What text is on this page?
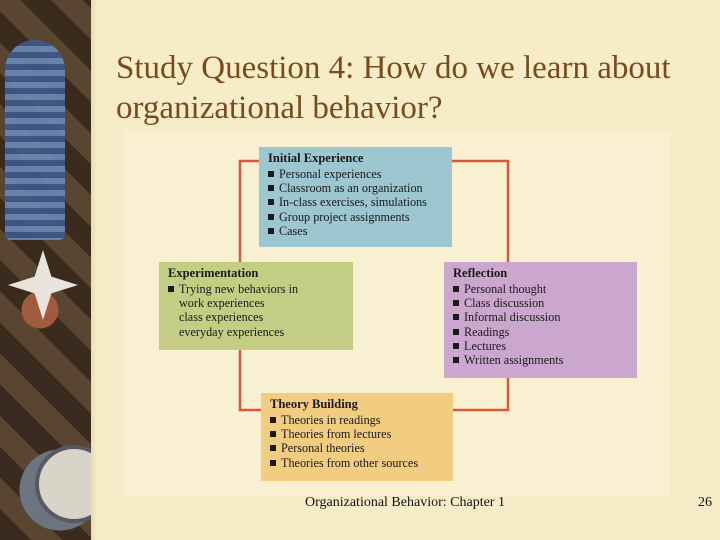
Study Question 4: How do we learn about organizational behavior?
Initial Experience
Personal experiences
Classroom as an organization
In-class exercises, simulations
Group project assignments
Cases
Experimentation
Trying new behaviors in
work experiences
class experiences
everyday experiences
Reflection
Personal thought
Class discussion
Informal discussion
Readings
Lectures
Written assignments
Theory Building
Theories in readings
Theories from lectures
Personal theories
Theories from other sources
Organizational Behavior: Chapter 1	26
